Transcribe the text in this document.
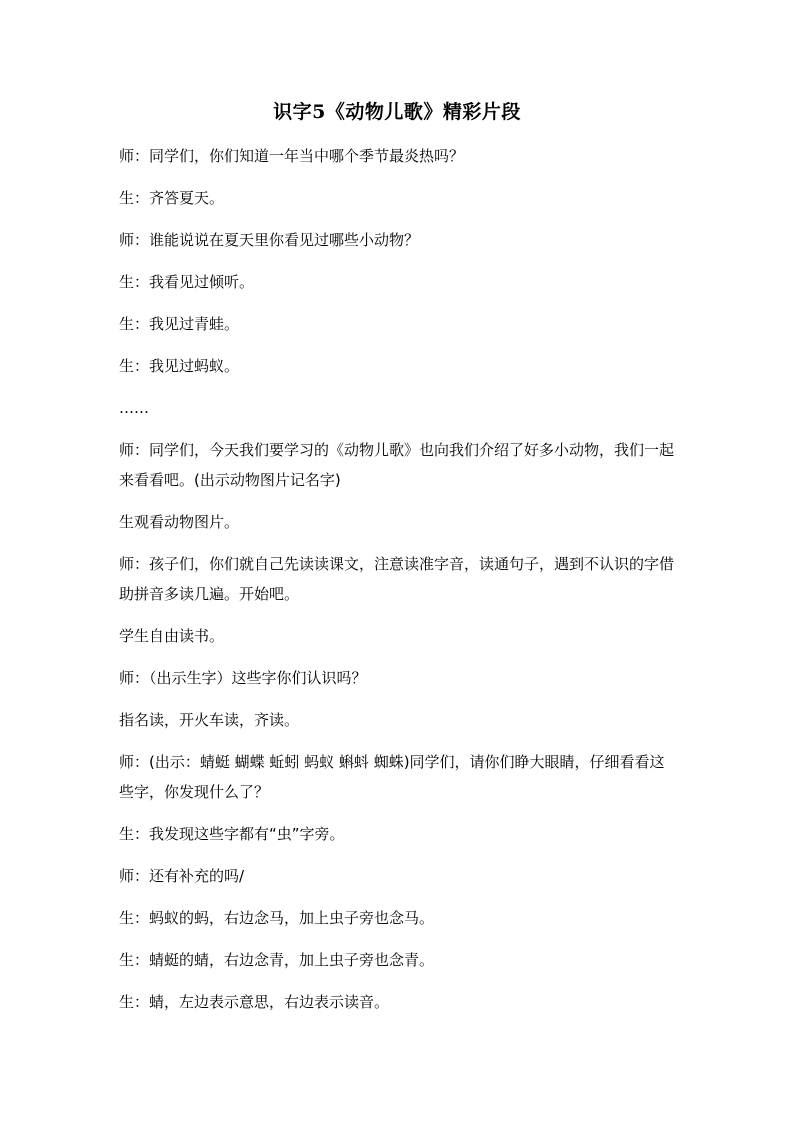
识字5《动物儿歌》精彩片段

师：同学们，你们知道一年当中哪个季节最炎热吗？

生：齐答夏天。

师：谁能说说在夏天里你看见过哪些小动物？

生：我看见过倾听。

生：我见过青蛙。

生：我见过蚂蚁。

……

师：同学们，今天我们要学习的《动物儿歌》也向我们介绍了好多小动物，我们一起来看看吧。(出示动物图片记名字)

生观看动物图片。

师：孩子们，你们就自己先读读课文，注意读准字音，读通句子，遇到不认识的字借助拼音多读几遍。开始吧。

学生自由读书。

师：（出示生字）这些字你们认识吗？

指名读，开火车读，齐读。

师：(出示：蜻蜓 蝴蝶 蚯蚓 蚂蚁 蝌蚪 蜘蛛)同学们，请你们睁大眼睛，仔细看看这些字，你发现什么了？

生：我发现这些字都有“虫”字旁。

师：还有补充的吗/

生：蚂蚁的蚂，右边念马，加上虫子旁也念马。

生：蜻蜓的蜻，右边念青，加上虫子旁也念青。

生：蜻，左边表示意思，右边表示读音。
